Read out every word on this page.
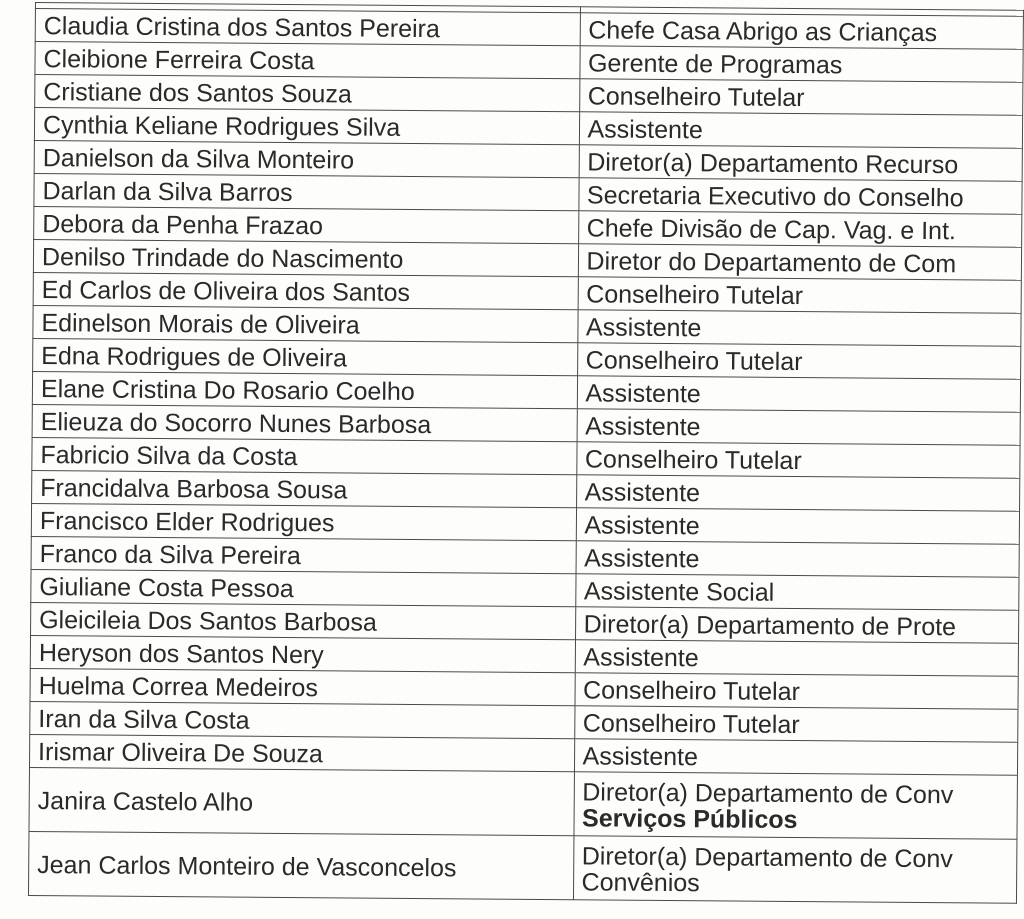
Claudia Cristina dos Santos Pereira	Chefe Casa Abrigo as Crianças
Cleibione Ferreira Costa	Gerente de Programas
Cristiane dos Santos Souza	Conselheiro Tutelar
Cynthia Keliane Rodrigues Silva	Assistente
Danielson da Silva Monteiro	Diretor(a) Departamento Recurso
Darlan da Silva Barros	Secretaria Executivo do Conselho
Debora da Penha Frazao	Chefe Divisão de Cap. Vag. e Int.
Denilso Trindade do Nascimento	Diretor do Departamento de Com
Ed Carlos de Oliveira dos Santos	Conselheiro Tutelar
Edinelson Morais de Oliveira	Assistente
Edna Rodrigues de Oliveira	Conselheiro Tutelar
Elane Cristina Do Rosario Coelho	Assistente
Elieuza do Socorro Nunes Barbosa	Assistente
Fabricio Silva da Costa	Conselheiro Tutelar
Francidalva Barbosa Sousa	Assistente
Francisco Elder Rodrigues	Assistente
Franco da Silva Pereira	Assistente
Giuliane Costa Pessoa	Assistente Social
Gleicileia Dos Santos Barbosa	Diretor(a) Departamento de Prote
Heryson dos Santos Nery	Assistente
Huelma Correa Medeiros	Conselheiro Tutelar
Iran da Silva Costa	Conselheiro Tutelar
Irismar Oliveira De Souza	Assistente
Janira Castelo Alho	Diretor(a) Departamento de Conv
Serviços Públicos

Jean Carlos Monteiro de Vasconcelos	Diretor(a) Departamento de Conv
Convênios
